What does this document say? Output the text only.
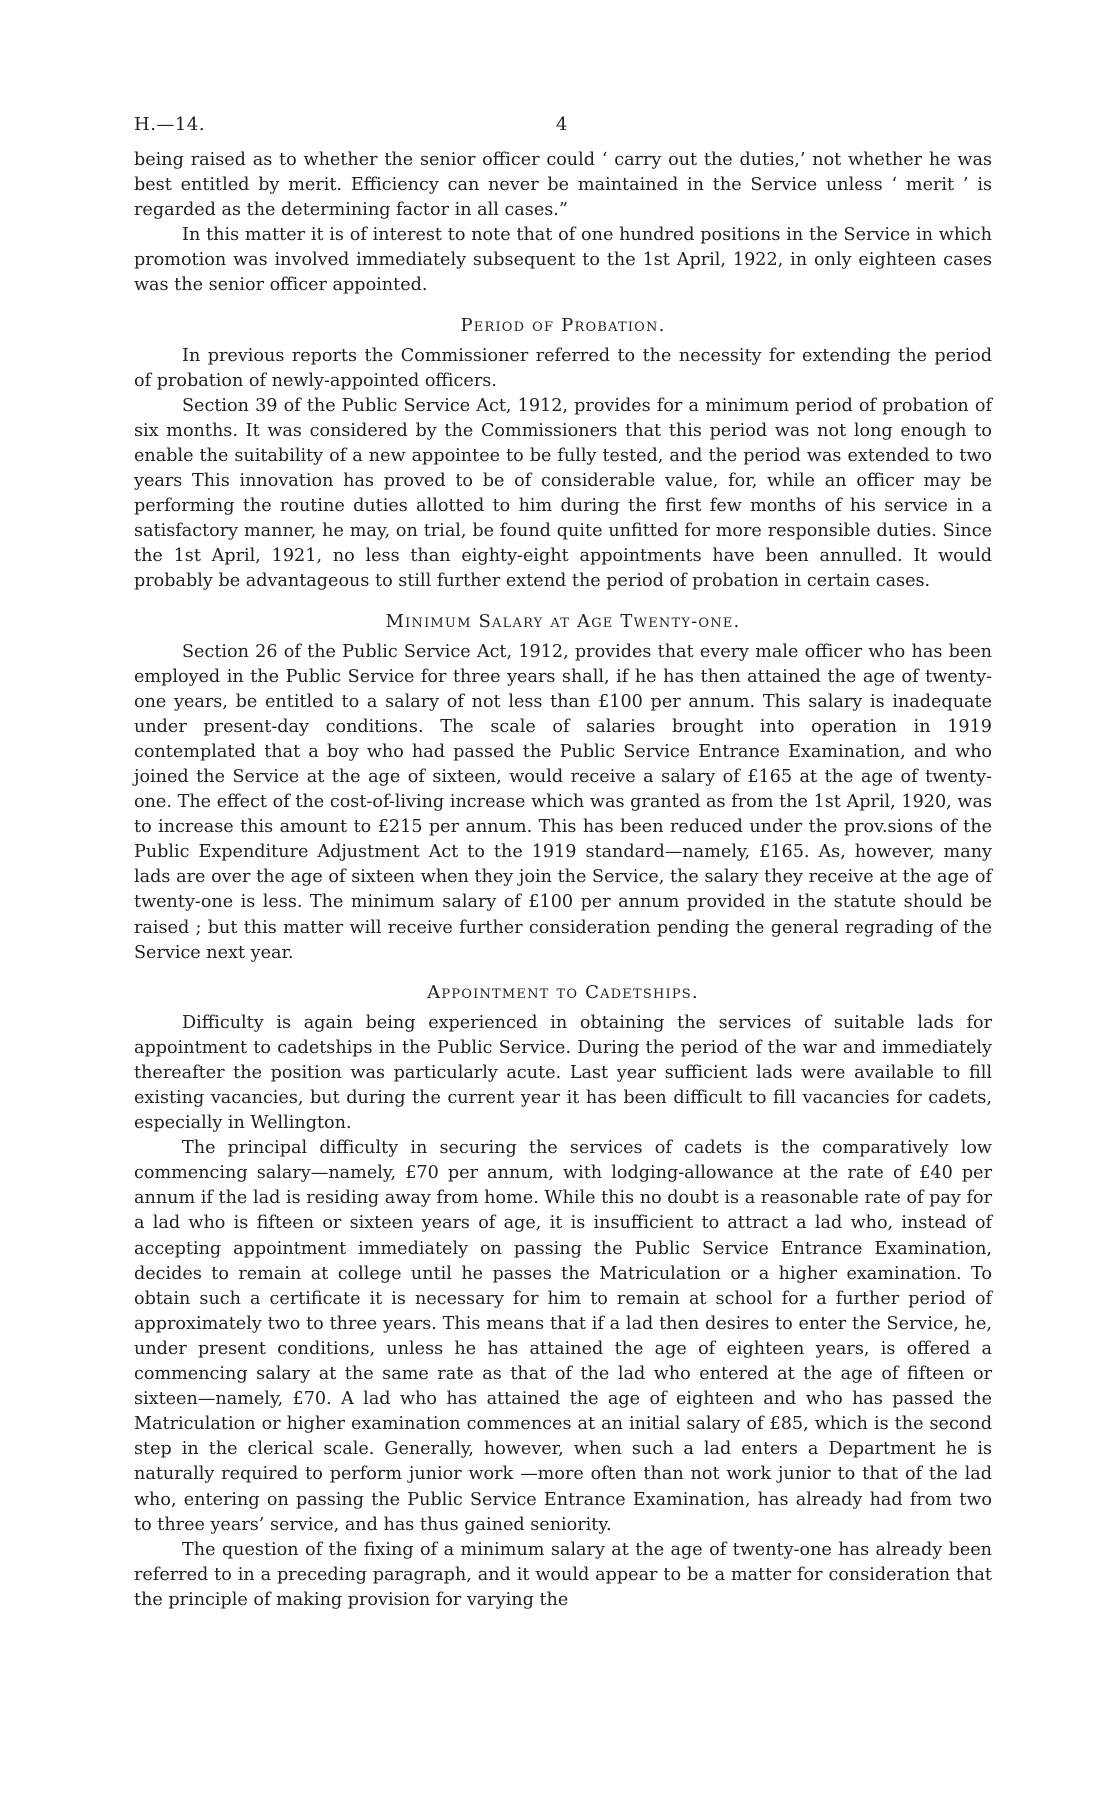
H.—14.	4

being raised as to whether the senior officer could ‘ carry out the duties,’ not whether he was best entitled by merit. Efficiency can never be maintained in the Service unless ‘ merit ’ is regarded as the determining factor in all cases.”

In this matter it is of interest to note that of one hundred positions in the Service in which promotion was involved immediately subsequent to the 1st April, 1922, in only eighteen cases was the senior officer appointed.

Period of Probation.

In previous reports the Commissioner referred to the necessity for extending the period of probation of newly-appointed officers.

Section 39 of the Public Service Act, 1912, provides for a minimum period of probation of six months. It was considered by the Commissioners that this period was not long enough to enable the suitability of a new appointee to be fully tested, and the period was extended to two years This innovation has proved to be of considerable value, for, while an officer may be performing the routine duties allotted to him during the first few months of his service in a satisfactory manner, he may, on trial, be found quite unfitted for more responsible duties. Since the 1st April, 1921, no less than eighty-eight appointments have been annulled. It would probably be advantageous to still further extend the period of probation in certain cases.

Minimum Salary at Age Twenty-one.

Section 26 of the Public Service Act, 1912, provides that every male officer who has been employed in the Public Service for three years shall, if he has then attained the age of twenty-one years, be entitled to a salary of not less than £100 per annum. This salary is inadequate under present-day conditions. The scale of salaries brought into operation in 1919 contemplated that a boy who had passed the Public Service Entrance Examination, and who joined the Service at the age of sixteen, would receive a salary of £165 at the age of twenty-one. The effect of the cost-of-living increase which was granted as from the 1st April, 1920, was to increase this amount to £215 per annum. This has been reduced under the prov.sions of the Public Expenditure Adjustment Act to the 1919 standard—namely, £165. As, however, many lads are over the age of sixteen when they join the Service, the salary they receive at the age of twenty-one is less. The minimum salary of £100 per annum provided in the statute should be raised ; but this matter will receive further consideration pending the general regrading of the Service next year.

Appointment to Cadetships.

Difficulty is again being experienced in obtaining the services of suitable lads for appointment to cadetships in the Public Service. During the period of the war and immediately thereafter the position was particularly acute. Last year sufficient lads were available to fill existing vacancies, but during the current year it has been difficult to fill vacancies for cadets, especially in Wellington.

The principal difficulty in securing the services of cadets is the comparatively low commencing salary—namely, £70 per annum, with lodging-allowance at the rate of £40 per annum if the lad is residing away from home. While this no doubt is a reasonable rate of pay for a lad who is fifteen or sixteen years of age, it is insufficient to attract a lad who, instead of accepting appointment immediately on passing the Public Service Entrance Examination, decides to remain at college until he passes the Matriculation or a higher examination. To obtain such a certificate it is necessary for him to remain at school for a further period of approximately two to three years. This means that if a lad then desires to enter the Service, he, under present conditions, unless he has attained the age of eighteen years, is offered a commencing salary at the same rate as that of the lad who entered at the age of fifteen or sixteen—namely, £70. A lad who has attained the age of eighteen and who has passed the Matriculation or higher examination commences at an initial salary of £85, which is the second step in the clerical scale. Generally, however, when such a lad enters a Department he is naturally required to perform junior work —more often than not work junior to that of the lad who, entering on passing the Public Service Entrance Examination, has already had from two to three years’ service, and has thus gained seniority.

The question of the fixing of a minimum salary at the age of twenty-one has already been referred to in a preceding paragraph, and it would appear to be a matter for consideration that the principle of making provision for varying the
